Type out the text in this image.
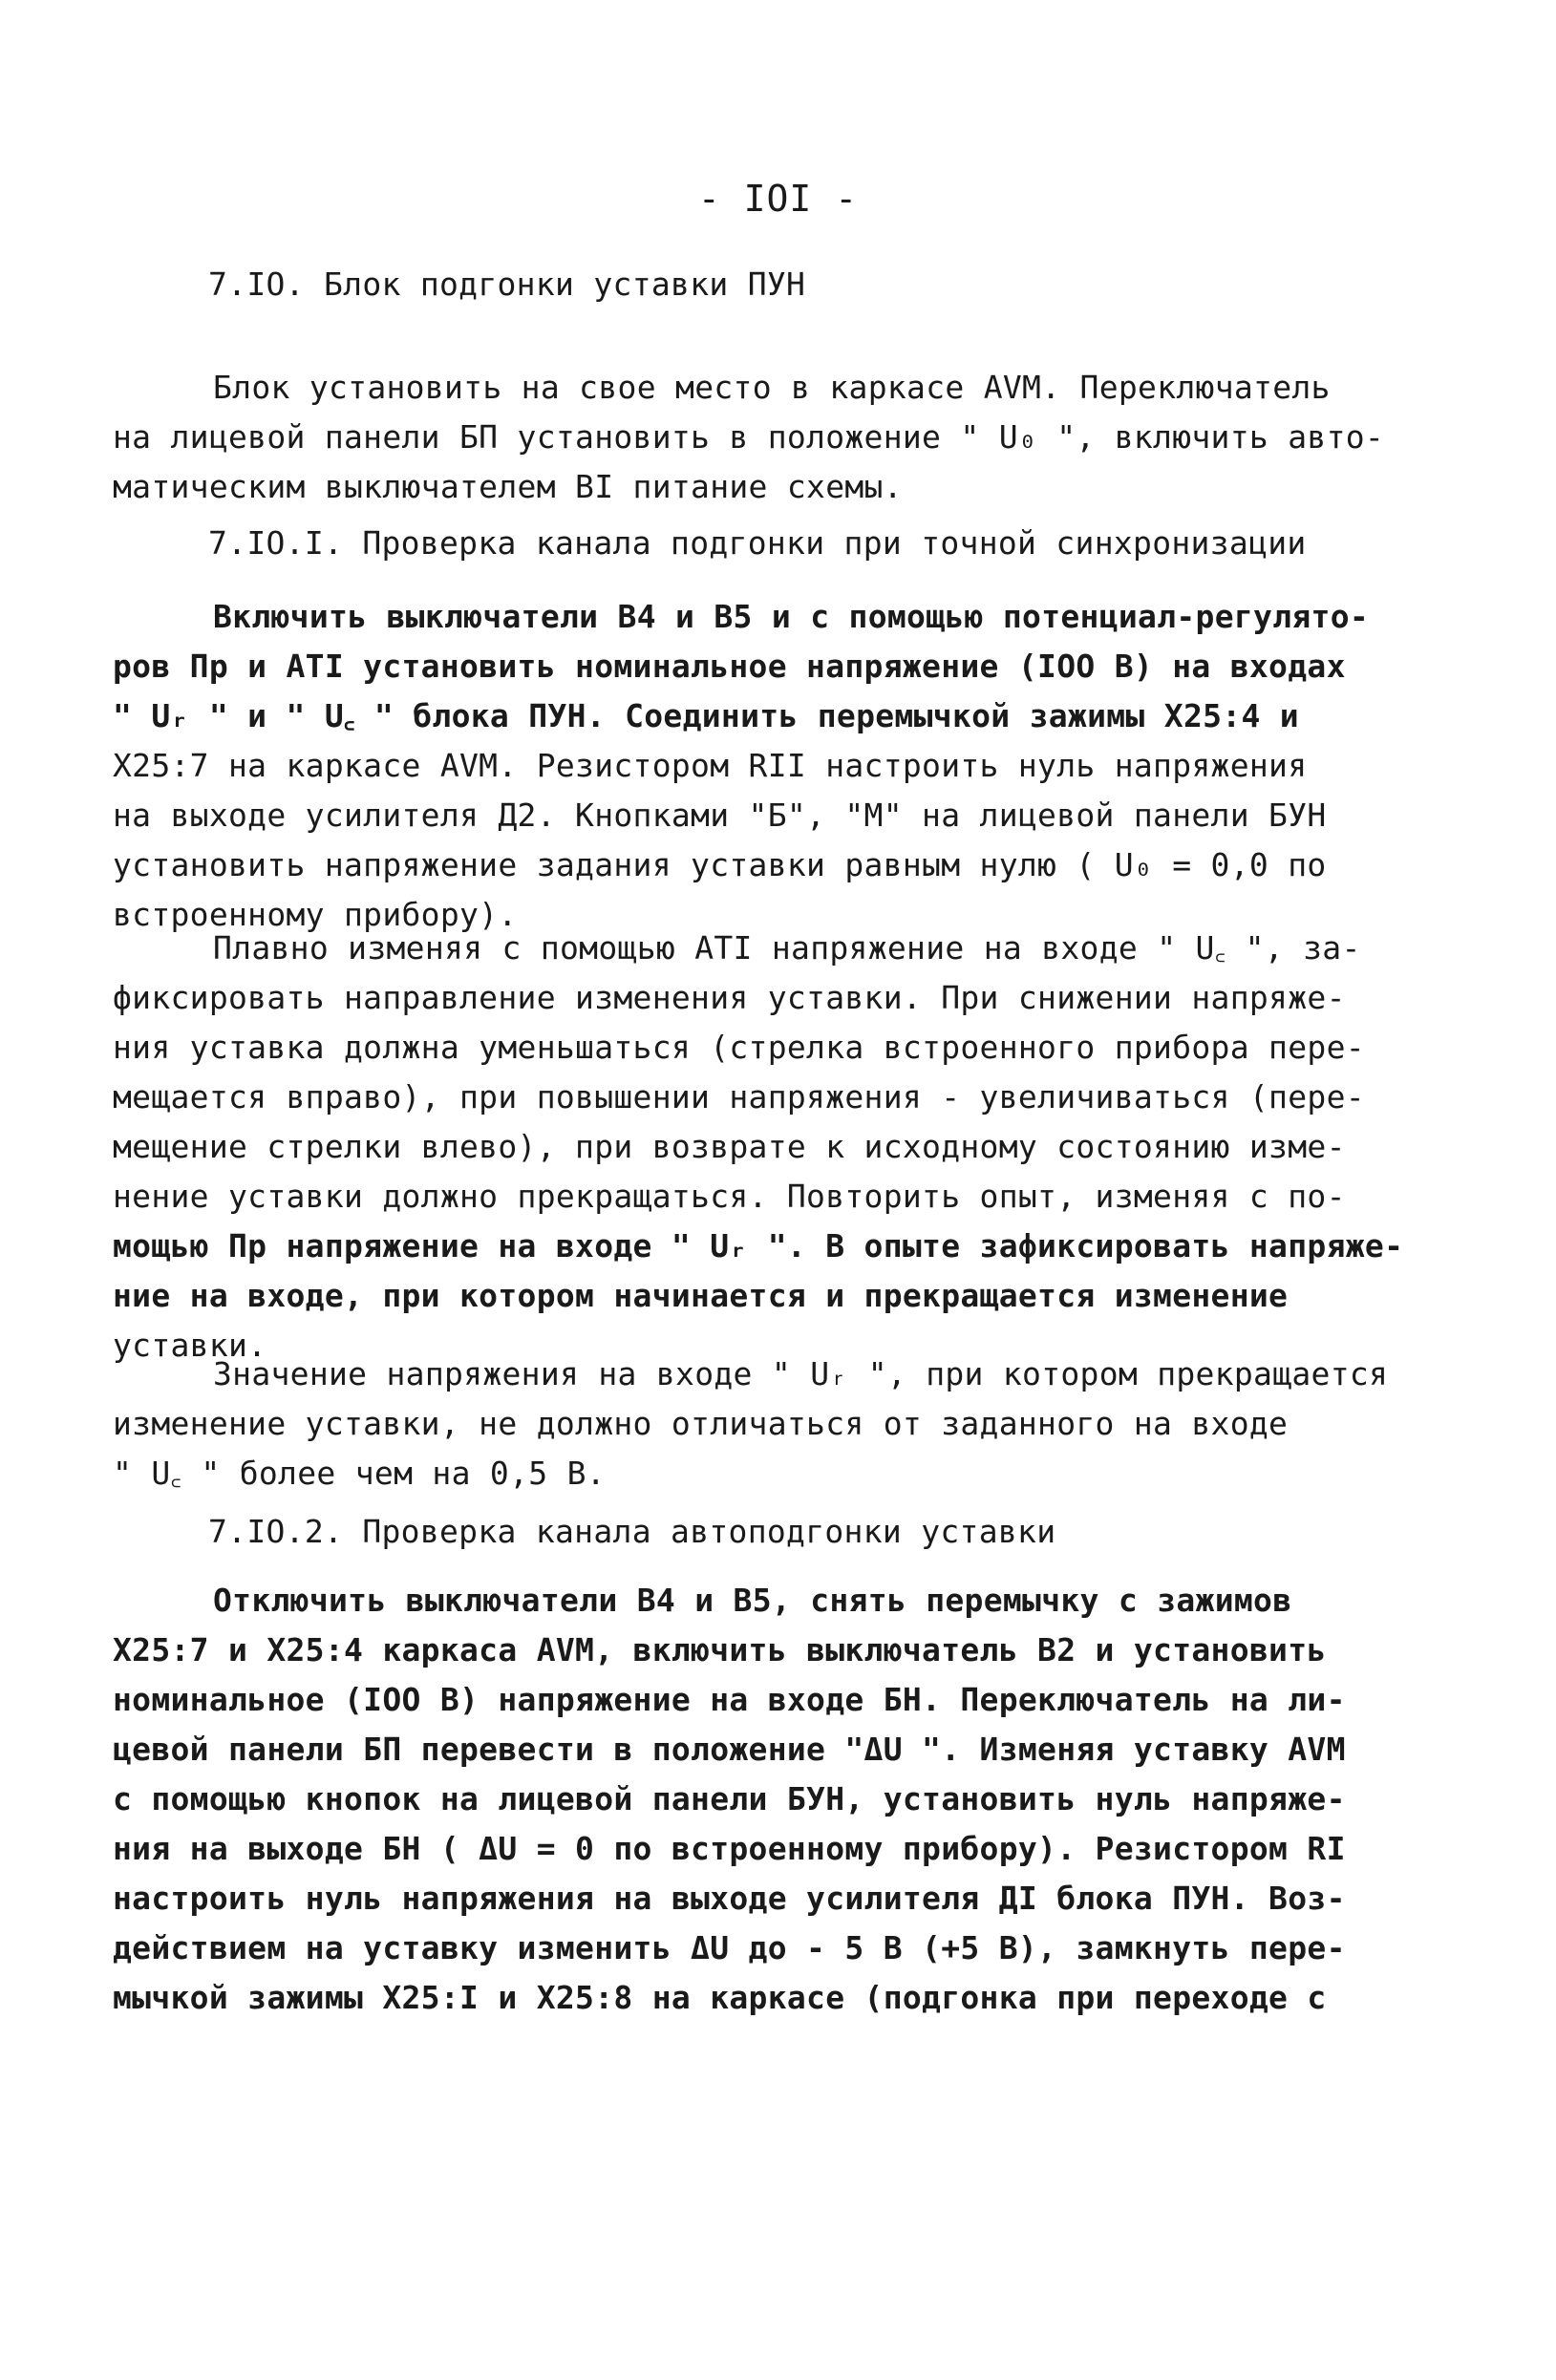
- IOI -
7.IO. Блок подгонки уставки ПУН
Блок установить на свое место в каркасе AVM. Переключатель
на лицевой панели БП установить в положение " U₀ ", включить авто-
матическим выключателем BI питание схемы.
7.IO.I. Проверка канала подгонки при точной синхронизации
Включить выключатели В4 и В5 и с помощью потенциал-регулято-
ров Пр и АТI установить номинальное напряжение (IOO В) на входах
" Uᵣ " и " U꜀ " блока ПУН. Соединить перемычкой зажимы Х25:4 и
Х25:7 на каркасе AVM. Резистором RII настроить нуль напряжения
на выходе усилителя Д2. Кнопками "Б", "М" на лицевой панели БУН
установить напряжение задания уставки равным нулю ( U₀ = 0,0 по
встроенному прибору).
Плавно изменяя с помощью АТI напряжение на входе " U꜀ ", за-
фиксировать направление изменения уставки. При снижении напряже-
ния уставка должна уменьшаться (стрелка встроенного прибора пере-
мещается вправо), при повышении напряжения - увеличиваться (пере-
мещение стрелки влево), при возврате к исходному состоянию изме-
нение уставки должно прекращаться. Повторить опыт, изменяя с по-
мощью Пр напряжение на входе " Uᵣ ". В опыте зафиксировать напряже-
ние на входе, при котором начинается и прекращается изменение
уставки.
Значение напряжения на входе " Uᵣ ", при котором прекращается
изменение уставки, не должно отличаться от заданного на входе
" U꜀ " более чем на 0,5 В.
7.IO.2. Проверка канала автоподгонки уставки
Отключить выключатели В4 и В5, снять перемычку с зажимов
Х25:7 и Х25:4 каркаса AVM, включить выключатель В2 и установить
номинальное (IOO В) напряжение на входе БН. Переключатель на ли-
цевой панели БП перевести в положение "ΔU ". Изменяя уставку AVM
с помощью кнопок на лицевой панели БУН, установить нуль напряже-
ния на выходе БН ( ΔU = 0 по встроенному прибору). Резистором RI
настроить нуль напряжения на выходе усилителя ДI блока ПУН. Воз-
действием на уставку изменить ΔU до - 5 В (+5 В), замкнуть пере-
мычкой зажимы Х25:I и Х25:8 на каркасе (подгонка при переходе с
